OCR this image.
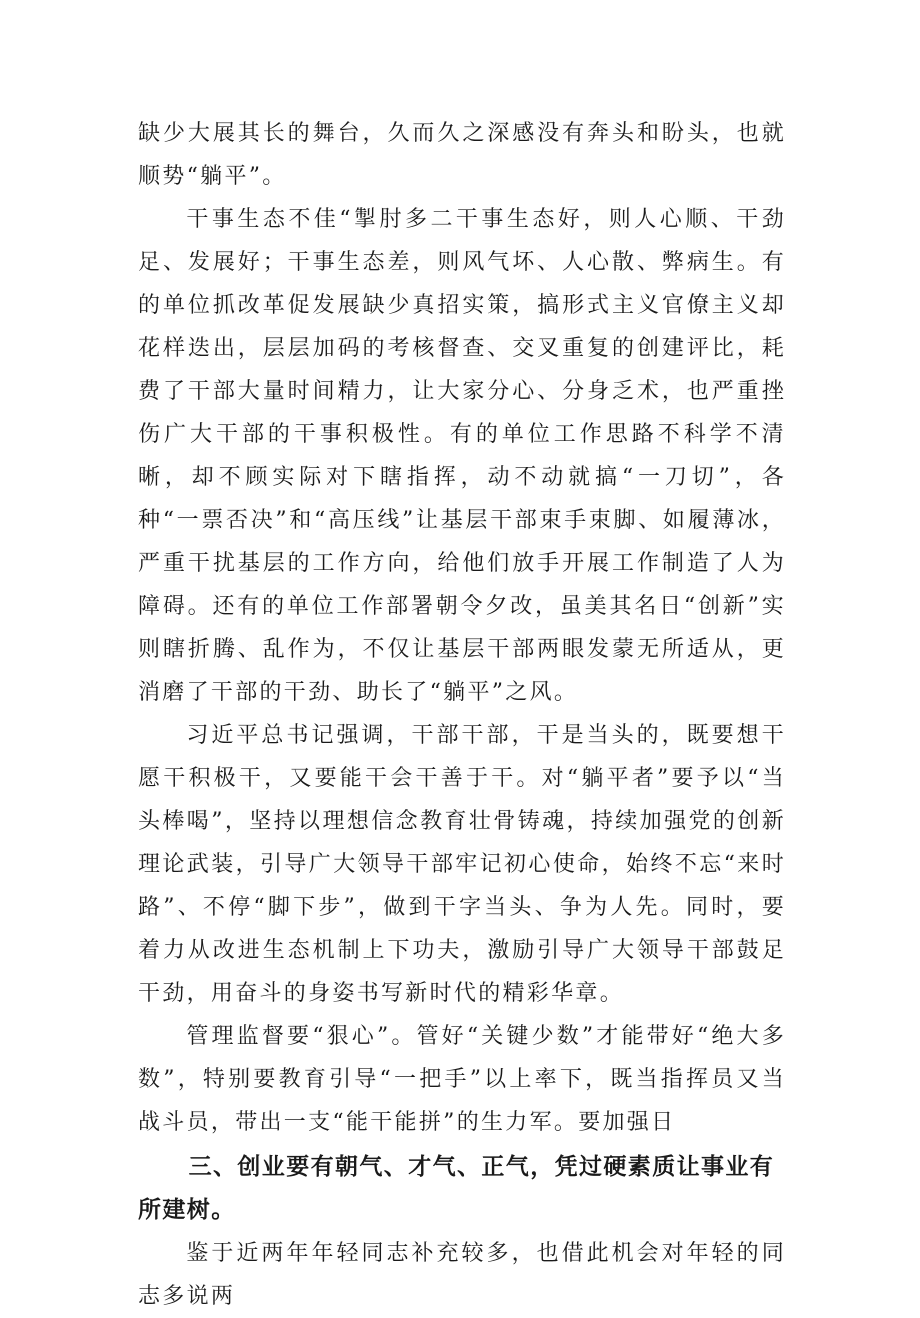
缺少大展其长的舞台，久而久之深感没有奔头和盼头，也就顺势“躺平”。

干事生态不佳“掣肘多二干事生态好，则人心顺、干劲足、发展好；干事生态差，则风气坏、人心散、弊病生。有的单位抓改革促发展缺少真招实策，搞形式主义官僚主义却花样迭出，层层加码的考核督查、交叉重复的创建评比，耗费了干部大量时间精力，让大家分心、分身乏术，也严重挫伤广大干部的干事积极性。有的单位工作思路不科学不清晰，却不顾实际对下瞎指挥，动不动就搞“一刀切”，各种“一票否决”和“高压线”让基层干部束手束脚、如履薄冰，严重干扰基层的工作方向，给他们放手开展工作制造了人为障碍。还有的单位工作部署朝令夕改，虽美其名日“创新”实则瞎折腾、乱作为，不仅让基层干部两眼发蒙无所适从，更消磨了干部的干劲、助长了“躺平”之风。

习近平总书记强调，干部干部，干是当头的，既要想干愿干积极干，又要能干会干善于干。对“躺平者”要予以“当头棒喝”，坚持以理想信念教育壮骨铸魂，持续加强党的创新理论武装，引导广大领导干部牢记初心使命，始终不忘“来时路”、不停“脚下步”，做到干字当头、争为人先。同时，要着力从改进生态机制上下功夫，激励引导广大领导干部鼓足干劲，用奋斗的身姿书写新时代的精彩华章。

管理监督要“狠心”。管好“关键少数”才能带好“绝大多数”，特别要教育引导“一把手”以上率下，既当指挥员又当战斗员，带出一支“能干能拼”的生力军。要加强日

三、创业要有朝气、才气、正气，凭过硬素质让事业有所建树。

鉴于近两年年轻同志补充较多，也借此机会对年轻的同志多说两
